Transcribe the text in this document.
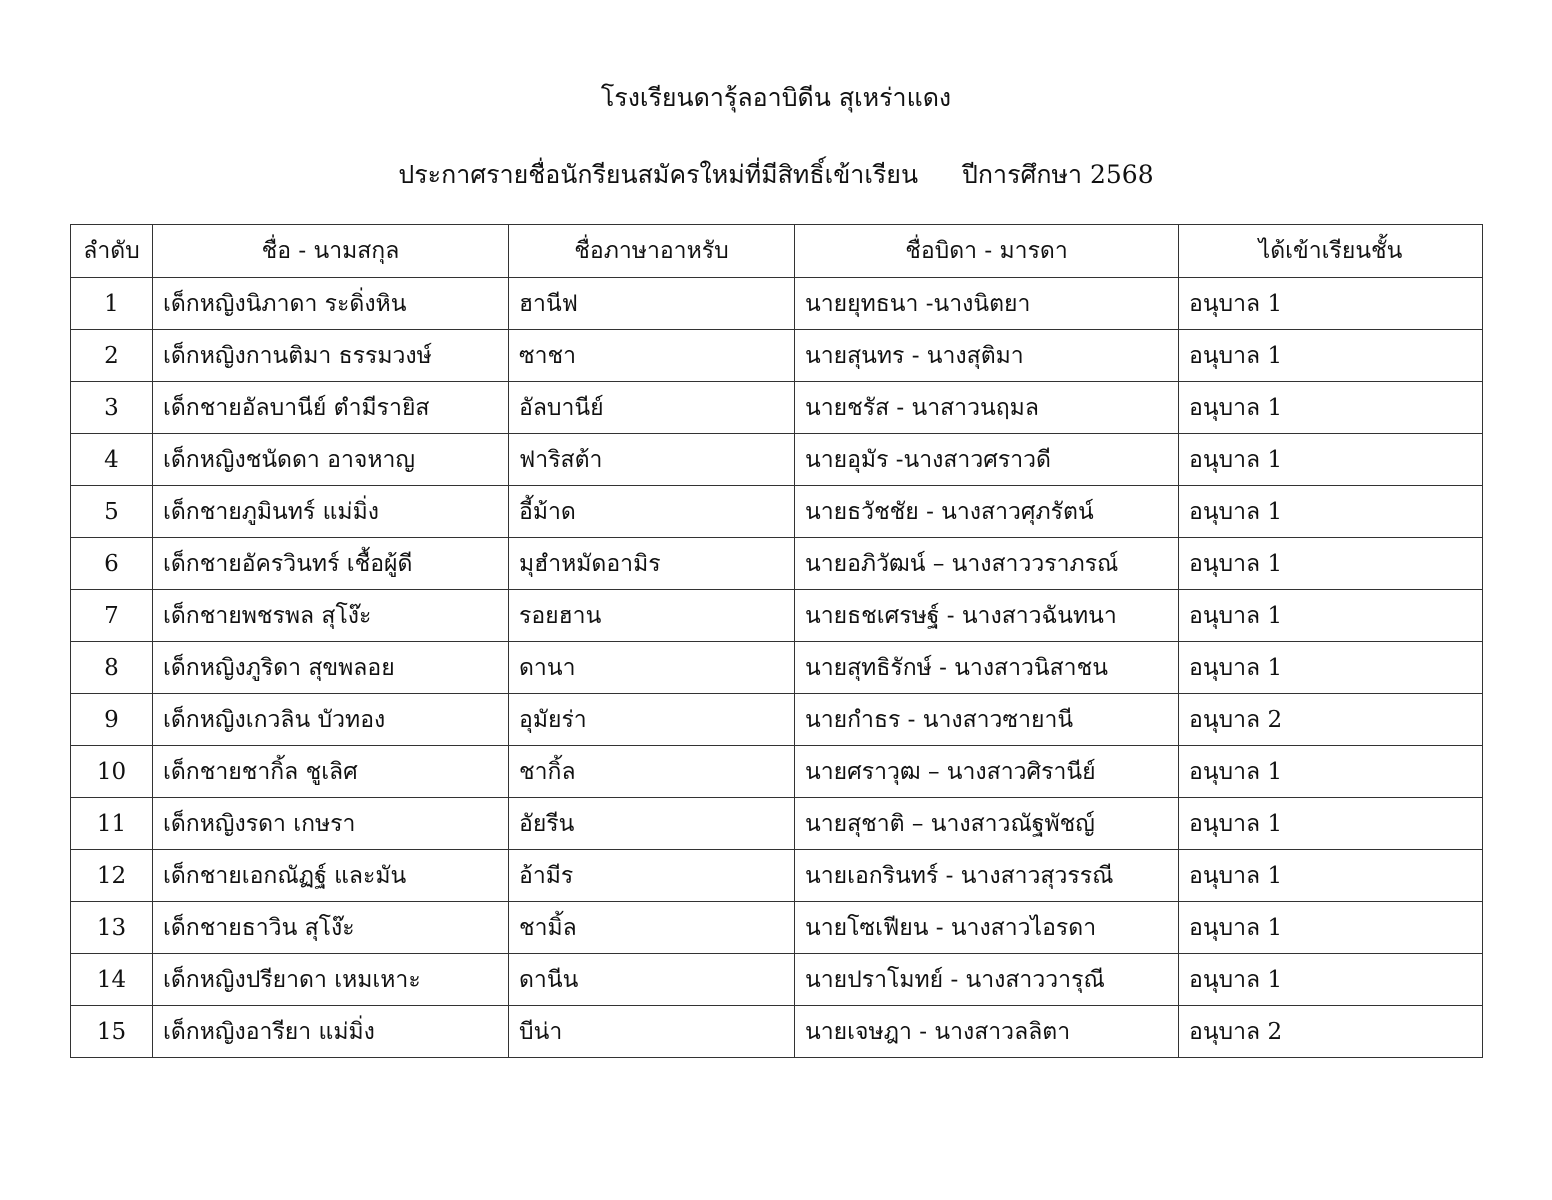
โรงเรียนดารุ้ลอาบิดีน สุเหร่าแดง
ประกาศรายชื่อนักรียนสมัครใหม่ที่มีสิทธิ์เข้าเรียน ปีการศึกษา 2568
ลำดับ	ชื่อ - นามสกุล	ชื่อภาษาอาหรับ	ชื่อบิดา - มารดา	ได้เข้าเรียนชั้น
1	เด็กหญิงนิภาดา ระดิ่งหิน	ฮานีฟ	นายยุทธนา -นางนิตยา	อนุบาล 1
2	เด็กหญิงกานติมา ธรรมวงษ์	ซาชา	นายสุนทร - นางสุติมา	อนุบาล 1
3	เด็กชายอัลบานีย์ ตำมีรายิส	อัลบานีย์	นายชรัส - นาสาวนฤมล	อนุบาล 1
4	เด็กหญิงชนัดดา อาจหาญ	ฟาริสต้า	นายอุมัร -นางสาวศราวดี	อนุบาล 1
5	เด็กชายภูมินทร์ แม่มิ่ง	อี้ม้าด	นายธวัชชัย - นางสาวศุภรัตน์	อนุบาล 1
6	เด็กชายอัครวินทร์ เชื้อผู้ดี	มุฮำหมัดอามิร	นายอภิวัฒน์ – นางสาววราภรณ์	อนุบาล 1
7	เด็กชายพชรพล สุโง๊ะ	รอยฮาน	นายธชเศรษฐ์ - นางสาวฉันทนา	อนุบาล 1
8	เด็กหญิงภูริดา สุขพลอย	ดานา	นายสุทธิรักษ์ - นางสาวนิสาชน	อนุบาล 1
9	เด็กหญิงเกวลิน บัวทอง	อุมัยร่า	นายกำธร - นางสาวซายานี	อนุบาล 2
10	เด็กชายชากิ้ล ชูเลิศ	ชากิ้ล	นายศราวุฒ – นางสาวศิรานีย์	อนุบาล 1
11	เด็กหญิงรดา เกษรา	อัยรีน	นายสุชาติ – นางสาวณัฐพัชญ์	อนุบาล 1
12	เด็กชายเอกณัฏฐ์ และมัน	อ้ามีร	นายเอกรินทร์ - นางสาวสุวรรณี	อนุบาล 1
13	เด็กชายธาวิน สุโง๊ะ	ชามิ้ล	นายโซเฟียน - นางสาวไอรดา	อนุบาล 1
14	เด็กหญิงปรียาดา เหมเหาะ	ดานีน	นายปราโมทย์ - นางสาววารุณี	อนุบาล 1
15	เด็กหญิงอารียา แม่มิ่ง	บีน่า	นายเจษฎา - นางสาวลลิตา	อนุบาล 2
